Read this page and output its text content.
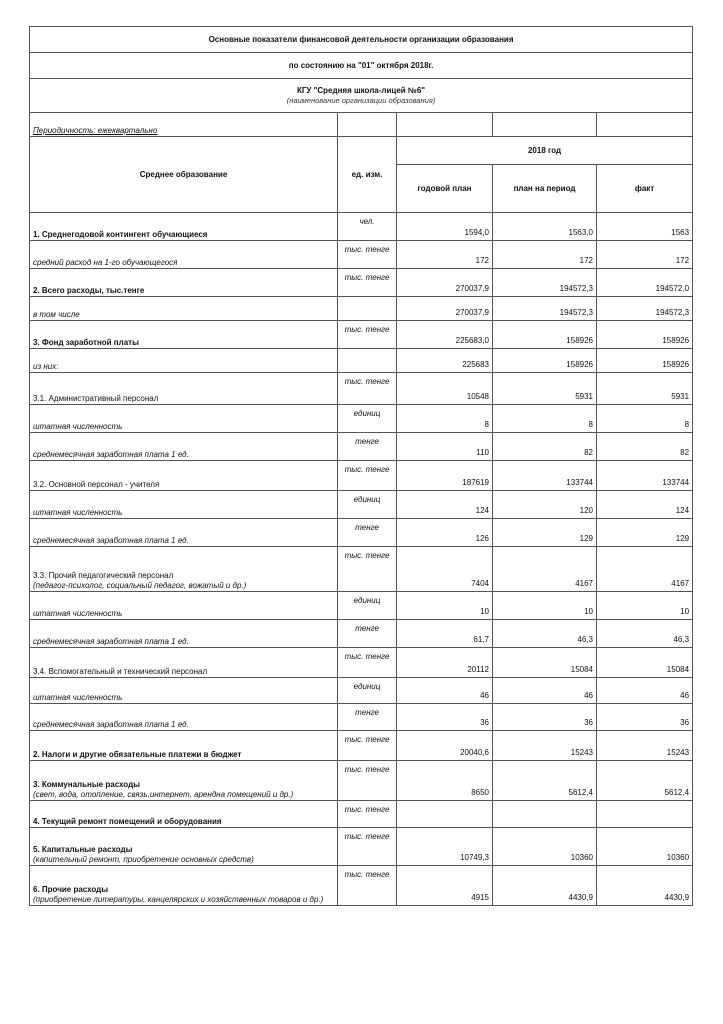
Основные показатели финансовой деятельности организации образования				
по состоянию на "01" октября 2018г.				

КГУ "Средняя школа-лицей №6"
(наименование организации образования)				

Периодичность: ежеквартально				
Среднее образование	ед. изм.	2018 год		
		годовой план	план на период	факт
1. Среднегодовой контингент обучающиеся	чел.	1594,0	1563,0	1563
средний расход на 1-го обучающегося	тыс. тенге	172	172	172
2. Всего расходы, тыс.тенге	тыс. тенге	270037,9	194572,3	194572,0
в том числе		270037,9	194572,3	194572,3
3. Фонд заработной платы	тыс. тенге	225683,0	158926	158926
из них:		225683	158926	158926
3.1. Административный персонал	тыс. тенге	10548	5931	5931
штатная численность	единиц	8	8	8
среднемесячная заработная плата 1 ед.	тенге	110	82	82
3.2. Основной персонал - учителя	тыс. тенге	187619	133744	133744
штатная численность	единиц	124	120	124
среднемесячная заработная плата 1 ед.	тенге	126	129	129
3.3. Прочий педагогический персонал
(педагог-психолог, социальный педагог, вожатый и др.)	тыс. тенге	7404	4167	4167
штатная численность	единиц	10	10	10
среднемесячная заработная плата 1 ед.	тенге	61,7	46,3	46,3
3.4. Вспомогательный и технический персонал	тыс. тенге	20112	15084	15084
штатная численность	единиц	46	46	46
среднемесячная заработная плата 1 ед.	тенге	36	36	36
2. Налоги и другие обязательные платежи в бюджет	тыс. тенге	20040,6	15243	15243
3. Коммунальные расходы
(свет, вода, отопление, связь,интернет, арендна помещений и др.)	тыс. тенге	8650	5612,4	5612,4
4. Текущий ремонт помещений и оборудования	тыс. тенге			
5. Капитальные расходы
(капительный ремонт, приобретение основных средств)	тыс. тенге	10749,3	10360	10360
6. Прочие расходы
(приобретение литературы, канцелярских и хозяйственных товаров и др.)	тыс. тенге	4915	4430,9	4430,9
